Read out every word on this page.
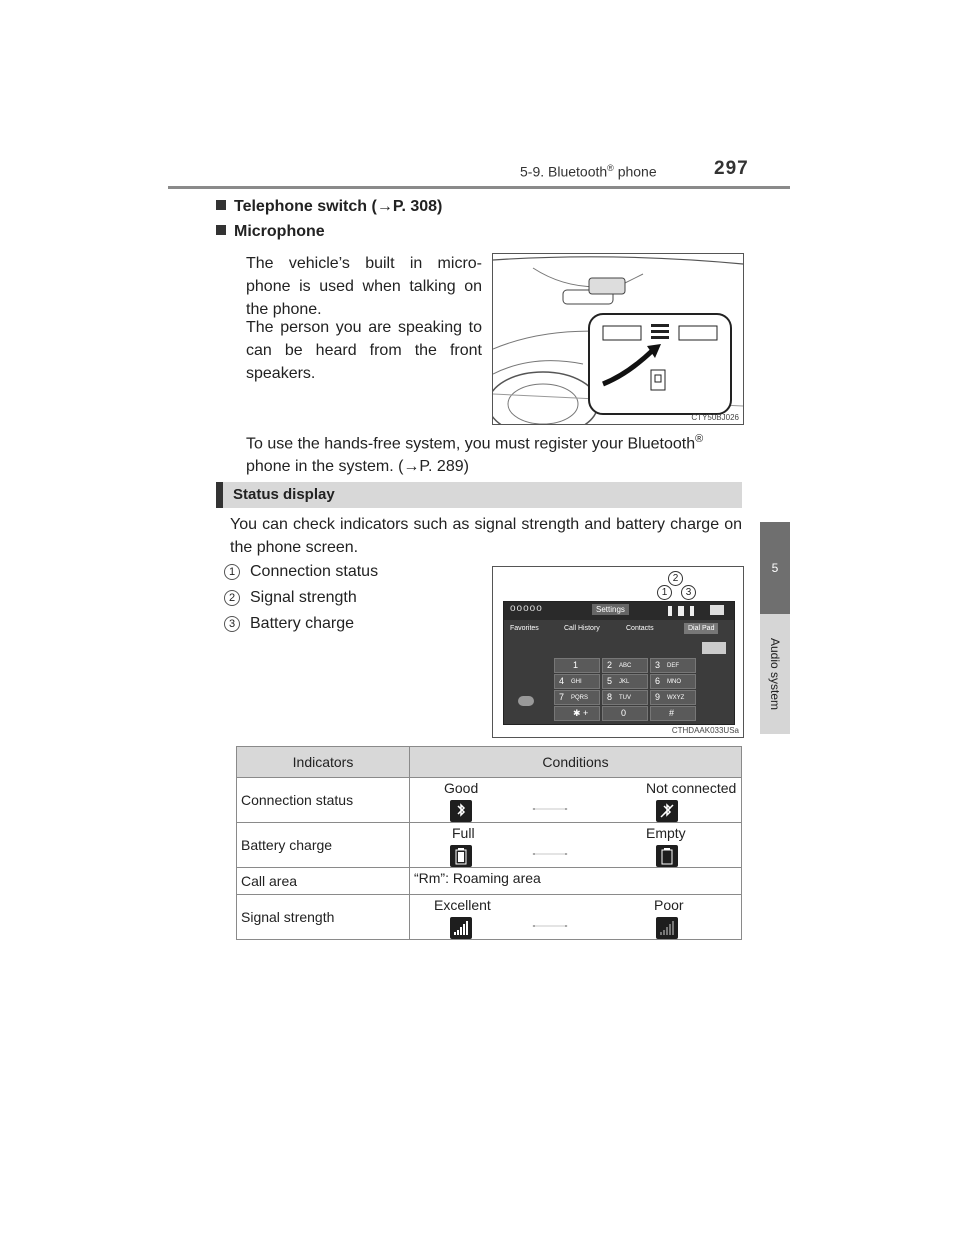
5-9. Bluetooth® phone	297
5
Audio system
Telephone switch (→P. 308)
Microphone
The vehicle’s built in micro-phone is used when talking on the phone.
The person you are speaking to can be heard from the front speakers.
CTY50BJ026
To use the hands-free system, you must register your Bluetooth®
phone in the system. (→P. 289)
Status display
You can check indicators such as signal strength and battery charge on the phone screen.
1 Connection status
2 Signal strength
3 Battery charge
2
1	3
ooooo	Settings
Favorites	Call History	Contacts	Dial Pad
1	2 ABC	3 DEF
4 GHI	5 JKL	6 MNO
7 PQRS 8 TUV	9 WXYZ
✱ +	0	#
CTHDAAK033USa
Indicators	Conditions
Connection status	Good Not connected

Battery charge	Full Empty

Call area	“Rm”: Roaming area
Signal strength	Excellent Poor
